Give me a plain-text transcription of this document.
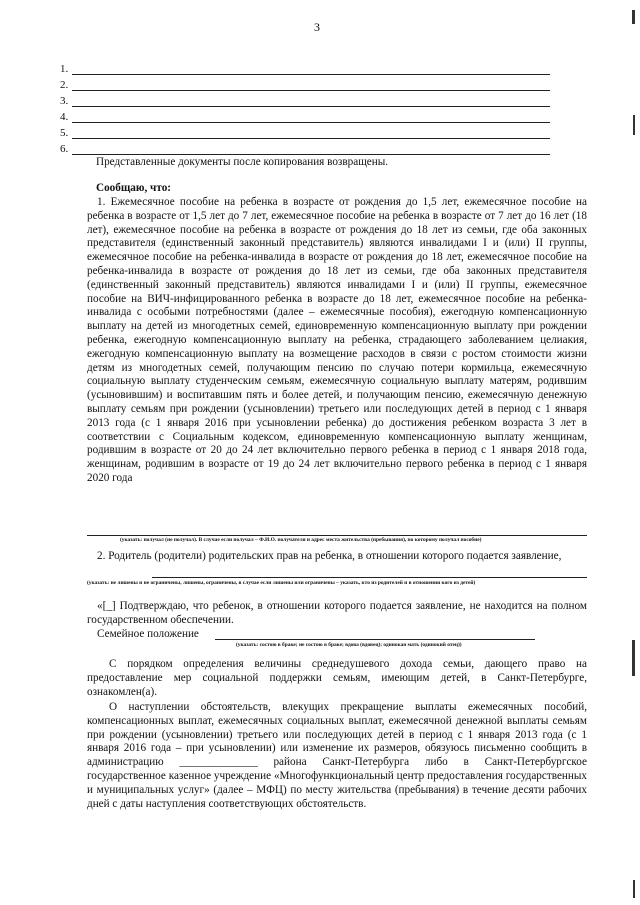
3
1.
2.
3.
4.
5.
6.
Представленные документы после копирования возвращены.
Сообщаю, что:
1. Ежемесячное пособие на ребенка в возрасте от рождения до 1,5 лет, ежемесячное пособие на ребенка в возрасте от 1,5 лет до 7 лет, ежемесячное пособие на ребенка в возрасте от 7 лет до 16 лет (18 лет), ежемесячное пособие на ребенка в возрасте от рождения до 18 лет из семьи, где оба законных представителя (единственный законный представитель) являются инвалидами I и (или) II группы, ежемесячное пособие на ребенка-инвалида в возрасте от рождения до 18 лет, ежемесячное пособие на ребенка-инвалида в возрасте от рождения до 18 лет из семьи, где оба законных представителя (единственный законный представитель) являются инвалидами I и (или) II группы, ежемесячное пособие на ВИЧ-инфицированного ребенка в возрасте до 18 лет, ежемесячное пособие на ребенка-инвалида с особыми потребностями (далее – ежемесячные пособия), ежегодную компенсационную выплату на детей из многодетных семей, единовременную компенсационную выплату при рождении ребенка, ежегодную компенсационную выплату на ребенка, страдающего заболеванием целиакия, ежегодную компенсационную выплату на возмещение расходов в связи с ростом стоимости жизни детям из многодетных семей, получающим пенсию по случаю потери кормильца, ежемесячную социальную выплату студенческим семьям, ежемесячную социальную выплату матерям, родившим (усыновившим) и воспитавшим пять и более детей, и получающим пенсию, ежемесячную денежную выплату семьям при рождении (усыновлении) третьего или последующих детей в период с 1 января 2013 года (с 1 января 2016 при усыновлении ребенка) до достижения ребенком возраста 3 лет в соответствии с Социальным кодексом, единовременную компенсационную выплату женщинам, родившим в возрасте от 20 до 24 лет включительно первого ребенка в период с 1 января 2018 года, женщинам, родившим в возрасте от 19 до 24 лет включительно первого ребенка в период с 1 января 2020 года
(указать: получал (не получал). В случае если получал – Ф.И.О. получателя и адрес места жительства (пребывания), по которому получал пособие)
2. Родитель (родители) родительских прав на ребенка, в отношении которого подается заявление,
(указать: не лишены и не ограничены, лишены, ограничены, в случае если лишены или ограничены – указать, кто из родителей и в отношении кого из детей)
«[_] Подтверждаю, что ребенок, в отношении которого подается заявление, не находится на полном государственном обеспечении.
Семейное положение
(указать: состою в браке; не состою в браке; вдова (вдовец); одинокая мать (одинокий отец))
С порядком определения величины среднедушевого дохода семьи, дающего право на предоставление мер социальной поддержки семьям, имеющим детей, в Санкт-Петербурге, ознакомлен(а).
О наступлении обстоятельств, влекущих прекращение выплаты ежемесячных пособий, компенсационных выплат, ежемесячных социальных выплат, ежемесячной денежной выплаты семьям при рождении (усыновлении) третьего или последующих детей в период с 1 января 2013 года (с 1 января 2016 года – при усыновлении) или изменение их размеров, обязуюсь письменно сообщить в администрацию ______________ района Санкт-Петербурга либо в Санкт-Петербургское государственное казенное учреждение «Многофункциональный центр предоставления государственных и муниципальных услуг» (далее – МФЦ) по месту жительства (пребывания) в течение десяти рабочих дней с даты наступления соответствующих обстоятельств.
